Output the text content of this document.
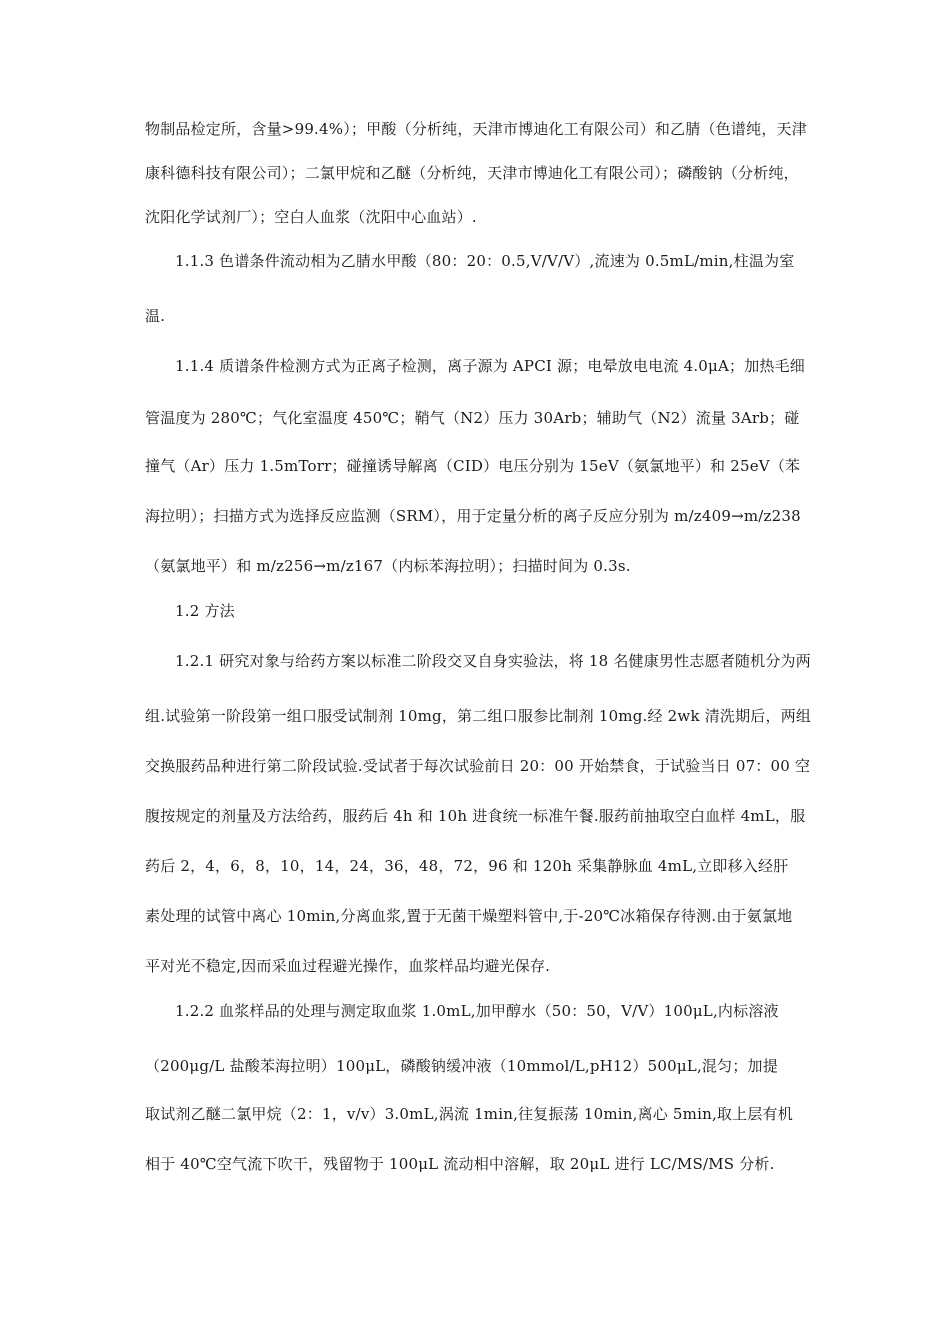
物制品检定所，含量>99.4%）；甲酸（分析纯，天津市博迪化工有限公司）和乙腈（色谱纯，天津
康科德科技有限公司）；二氯甲烷和乙醚（分析纯，天津市博迪化工有限公司）；磷酸钠（分析纯，
沈阳化学试剂厂）；空白人血浆（沈阳中心血站）.
1.1.3 色谱条件流动相为乙腈水甲酸（80：20：0.5,V/V/V）,流速为 0.5mL/min,柱温为室
温.
1.1.4 质谱条件检测方式为正离子检测，离子源为 APCI 源；电晕放电电流 4.0μA；加热毛细
管温度为 280℃；气化室温度 450℃；鞘气（N2）压力 30Arb；辅助气（N2）流量 3Arb；碰
撞气（Ar）压力 1.5mTorr；碰撞诱导解离（CID）电压分别为 15eV（氨氯地平）和 25eV（苯
海拉明）；扫描方式为选择反应监测（SRM），用于定量分析的离子反应分别为 m/z409→m/z238
（氨氯地平）和 m/z256→m/z167（内标苯海拉明）；扫描时间为 0.3s.
1.2 方法
1.2.1 研究对象与给药方案以标准二阶段交叉自身实验法，将 18 名健康男性志愿者随机分为两
组.试验第一阶段第一组口服受试制剂 10mg，第二组口服参比制剂 10mg.经 2wk 清洗期后，两组
交换服药品种进行第二阶段试验.受试者于每次试验前日 20：00 开始禁食，于试验当日 07：00 空
腹按规定的剂量及方法给药，服药后 4h 和 10h 进食统一标准午餐.服药前抽取空白血样 4mL，服
药后 2，4，6，8，10，14，24，36，48，72，96 和 120h 采集静脉血 4mL,立即移入经肝
素处理的试管中离心 10min,分离血浆,置于无菌干燥塑料管中,于-20℃冰箱保存待测.由于氨氯地
平对光不稳定,因而采血过程避光操作，血浆样品均避光保存.
1.2.2 血浆样品的处理与测定取血浆 1.0mL,加甲醇水（50：50，V/V）100μL,内标溶液
（200μg/L 盐酸苯海拉明）100μL，磷酸钠缓冲液（10mmol/L,pH12）500μL,混匀；加提
取试剂乙醚二氯甲烷（2：1，v/v）3.0mL,涡流 1min,往复振荡 10min,离心 5min,取上层有机
相于 40℃空气流下吹干，残留物于 100μL 流动相中溶解，取 20μL 进行 LC/MS/MS 分析.
